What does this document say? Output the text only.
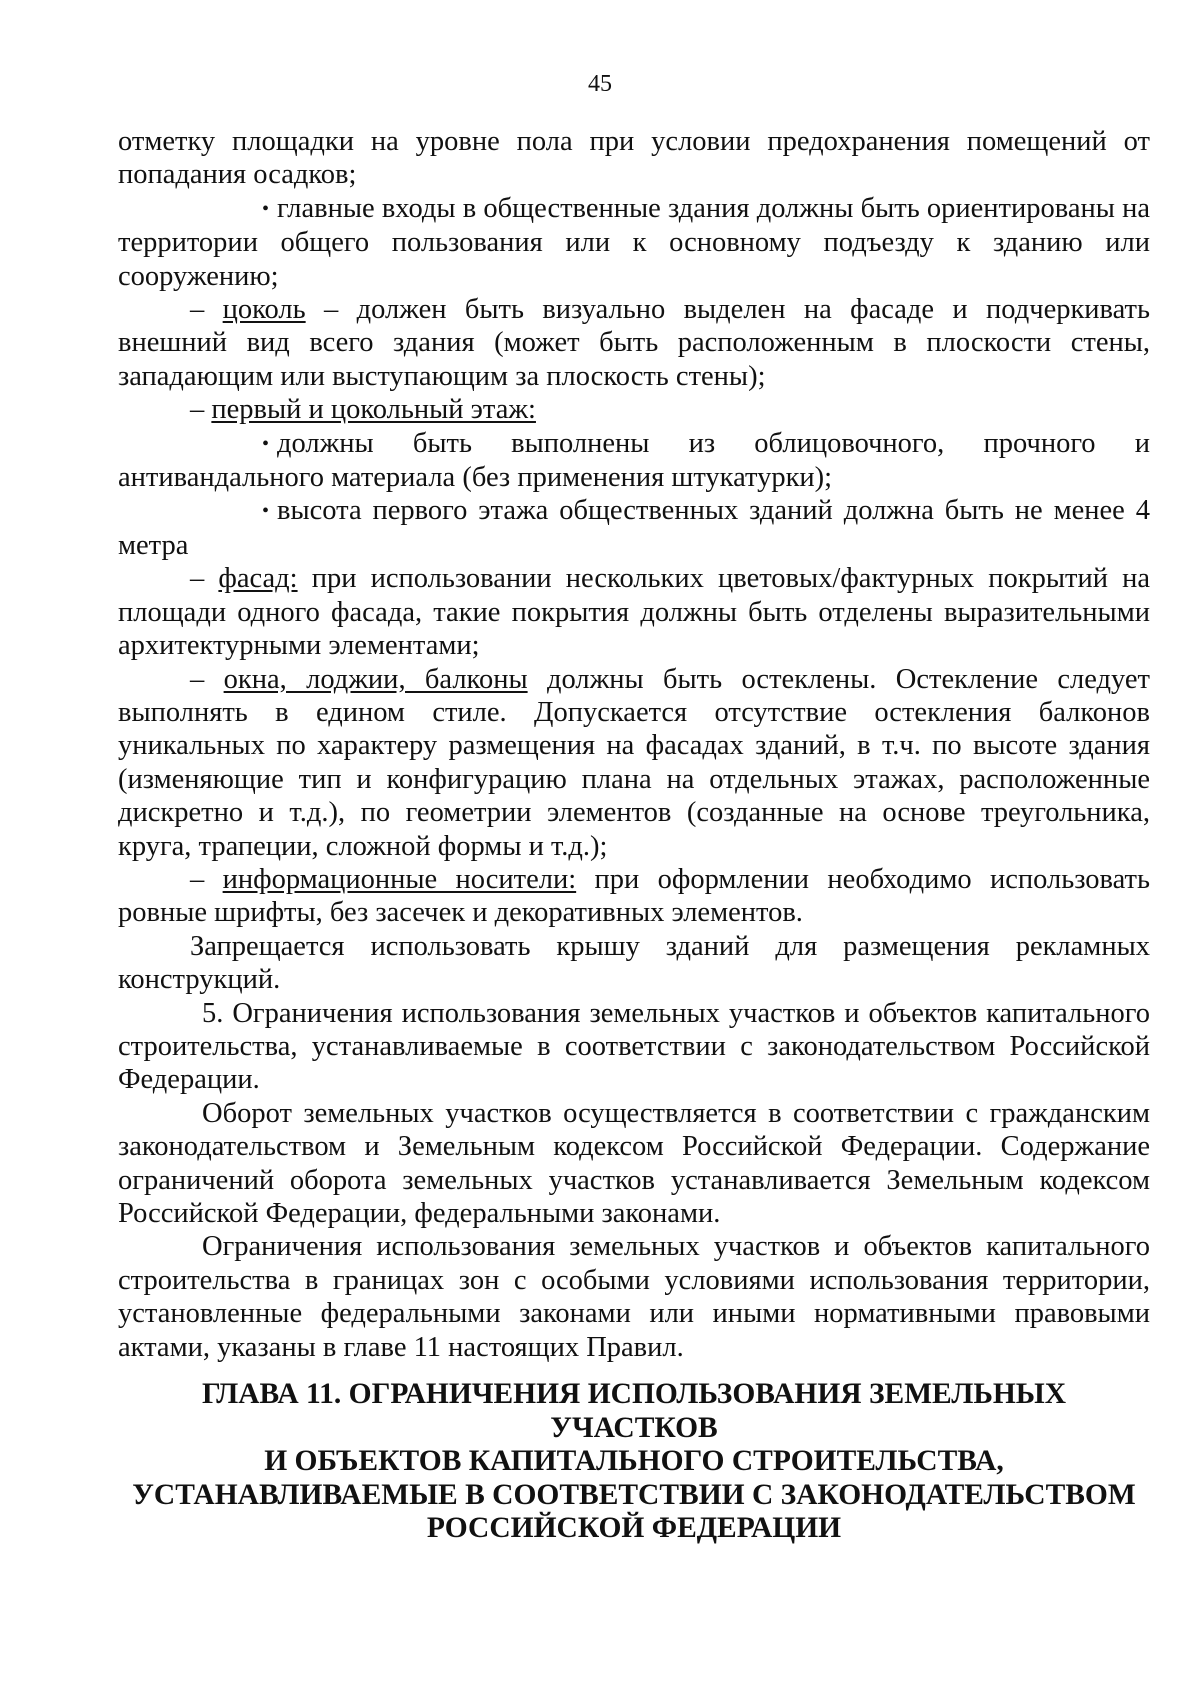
45

отметку площадки на уровне пола при условии предохранения помещений от попадания осадков;

• главные входы в общественные здания должны быть ориентированы на территории общего пользования или к основному подъезду к зданию или сооружению;

– цоколь – должен быть визуально выделен на фасаде и подчеркивать внешний вид всего здания (может быть расположенным в плоскости стены, западающим или выступающим за плоскость стены);

– первый и цокольный этаж:

• должны быть выполнены из облицовочного, прочного и антивандального материала (без применения штукатурки);

• высота первого этажа общественных зданий должна быть не менее 4 метра

– фасад: при использовании нескольких цветовых/фактурных покрытий на площади одного фасада, такие покрытия должны быть отделены выразительными архитектурными элементами;

– окна, лоджии, балконы должны быть остеклены. Остекление следует выполнять в едином стиле. Допускается отсутствие остекления балконов уникальных по характеру размещения на фасадах зданий, в т.ч. по высоте здания (изменяющие тип и конфигурацию плана на отдельных этажах, расположенные дискретно и т.д.), по геометрии элементов (созданные на основе треугольника, круга, трапеции, сложной формы и т.д.);

– информационные носители: при оформлении необходимо использовать ровные шрифты, без засечек и декоративных элементов.

Запрещается использовать крышу зданий для размещения рекламных конструкций.

5. Ограничения использования земельных участков и объектов капитального строительства, устанавливаемые в соответствии с законодательством Российской Федерации.

Оборот земельных участков осуществляется в соответствии с гражданским законодательством и Земельным кодексом Российской Федерации. Содержание ограничений оборота земельных участков устанавливается Земельным кодексом Российской Федерации, федеральными законами.

Ограничения использования земельных участков и объектов капитального строительства в границах зон с особыми условиями использования территории, установленные федеральными законами или иными нормативными правовыми актами, указаны в главе 11 настоящих Правил.

ГЛАВА 11. ОГРАНИЧЕНИЯ ИСПОЛЬЗОВАНИЯ ЗЕМЕЛЬНЫХ УЧАСТКОВ
И ОБЪЕКТОВ КАПИТАЛЬНОГО СТРОИТЕЛЬСТВА,
УСТАНАВЛИВАЕМЫЕ В СООТВЕТСТВИИ С ЗАКОНОДАТЕЛЬСТВОМ
РОССИЙСКОЙ ФЕДЕРАЦИИ
